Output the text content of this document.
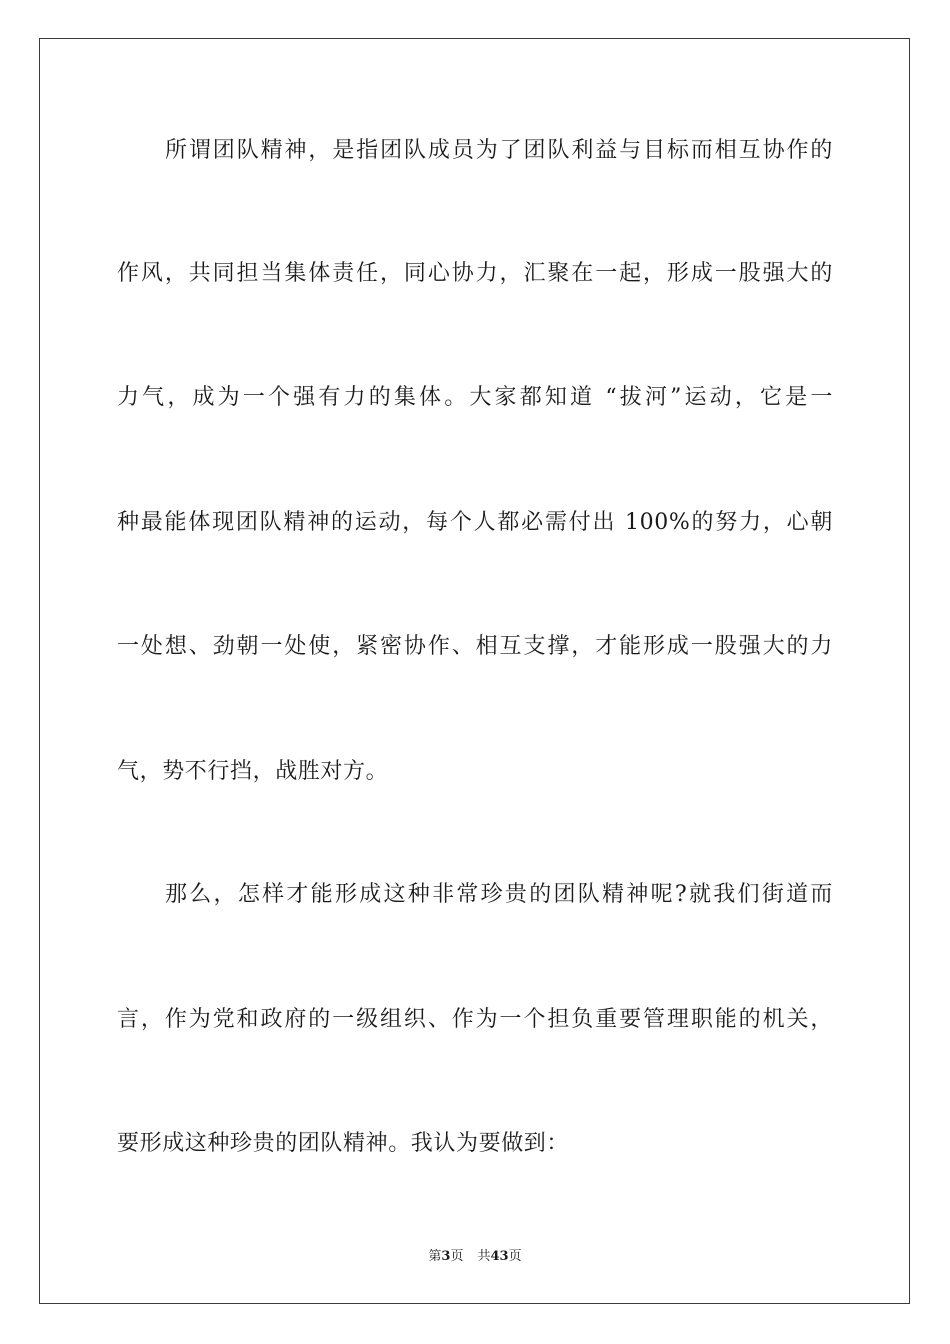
所谓团队精神，是指团队成员为了团队利益与目标而相互协作的
作风，共同担当集体责任，同心协力，汇聚在一起，形成一股强大的
力气，成为一个强有力的集体。大家都知道 “拔河”运动，它是一
种最能体现团队精神的运动，每个人都必需付出 100%的努力，心朝
一处想、劲朝一处使，紧密协作、相互支撑，才能形成一股强大的力
气，势不行挡，战胜对方。
那么，怎样才能形成这种非常珍贵的团队精神呢?就我们街道而
言，作为党和政府的一级组织、作为一个担负重要管理职能的机关，
要形成这种珍贵的团队精神。我认为要做到：
第3页 共43页
